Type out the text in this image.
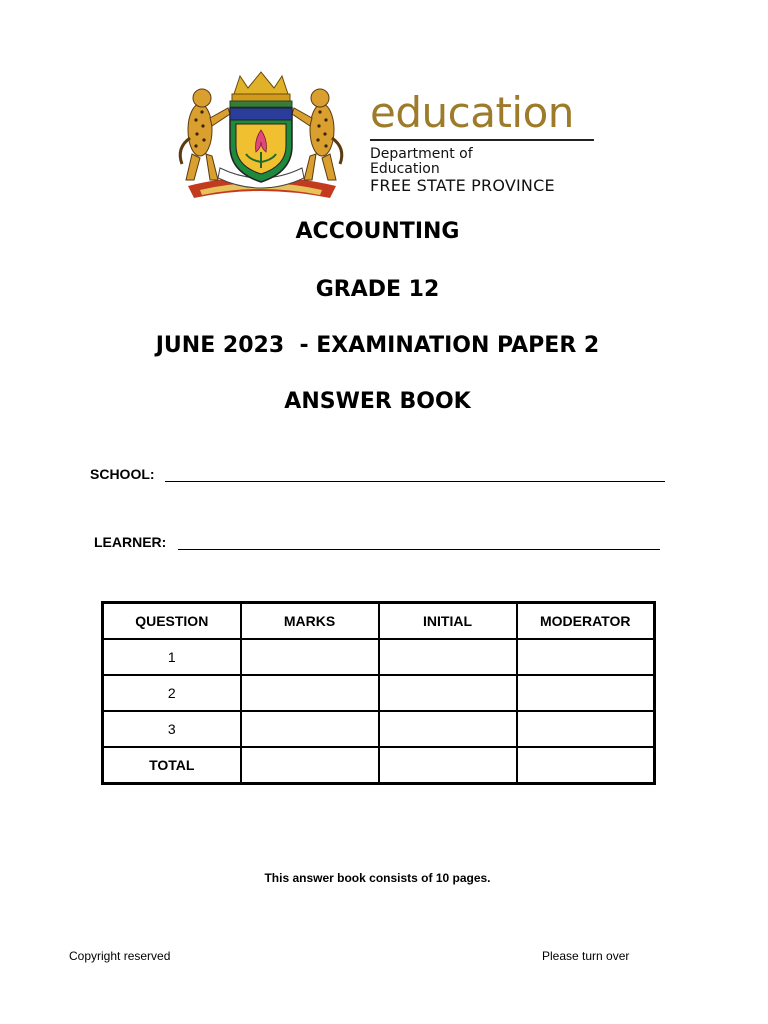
education
Department of
Education
FREE STATE PROVINCE
ACCOUNTING
GRADE 12
JUNE 2023  - EXAMINATION PAPER 2
ANSWER BOOK
SCHOOL:
LEARNER:
QUESTION	MARKS	INITIAL	MODERATOR
1			
2			
3			
TOTAL			
This answer book consists of 10 pages.
Copyright reserved	Please turn over
